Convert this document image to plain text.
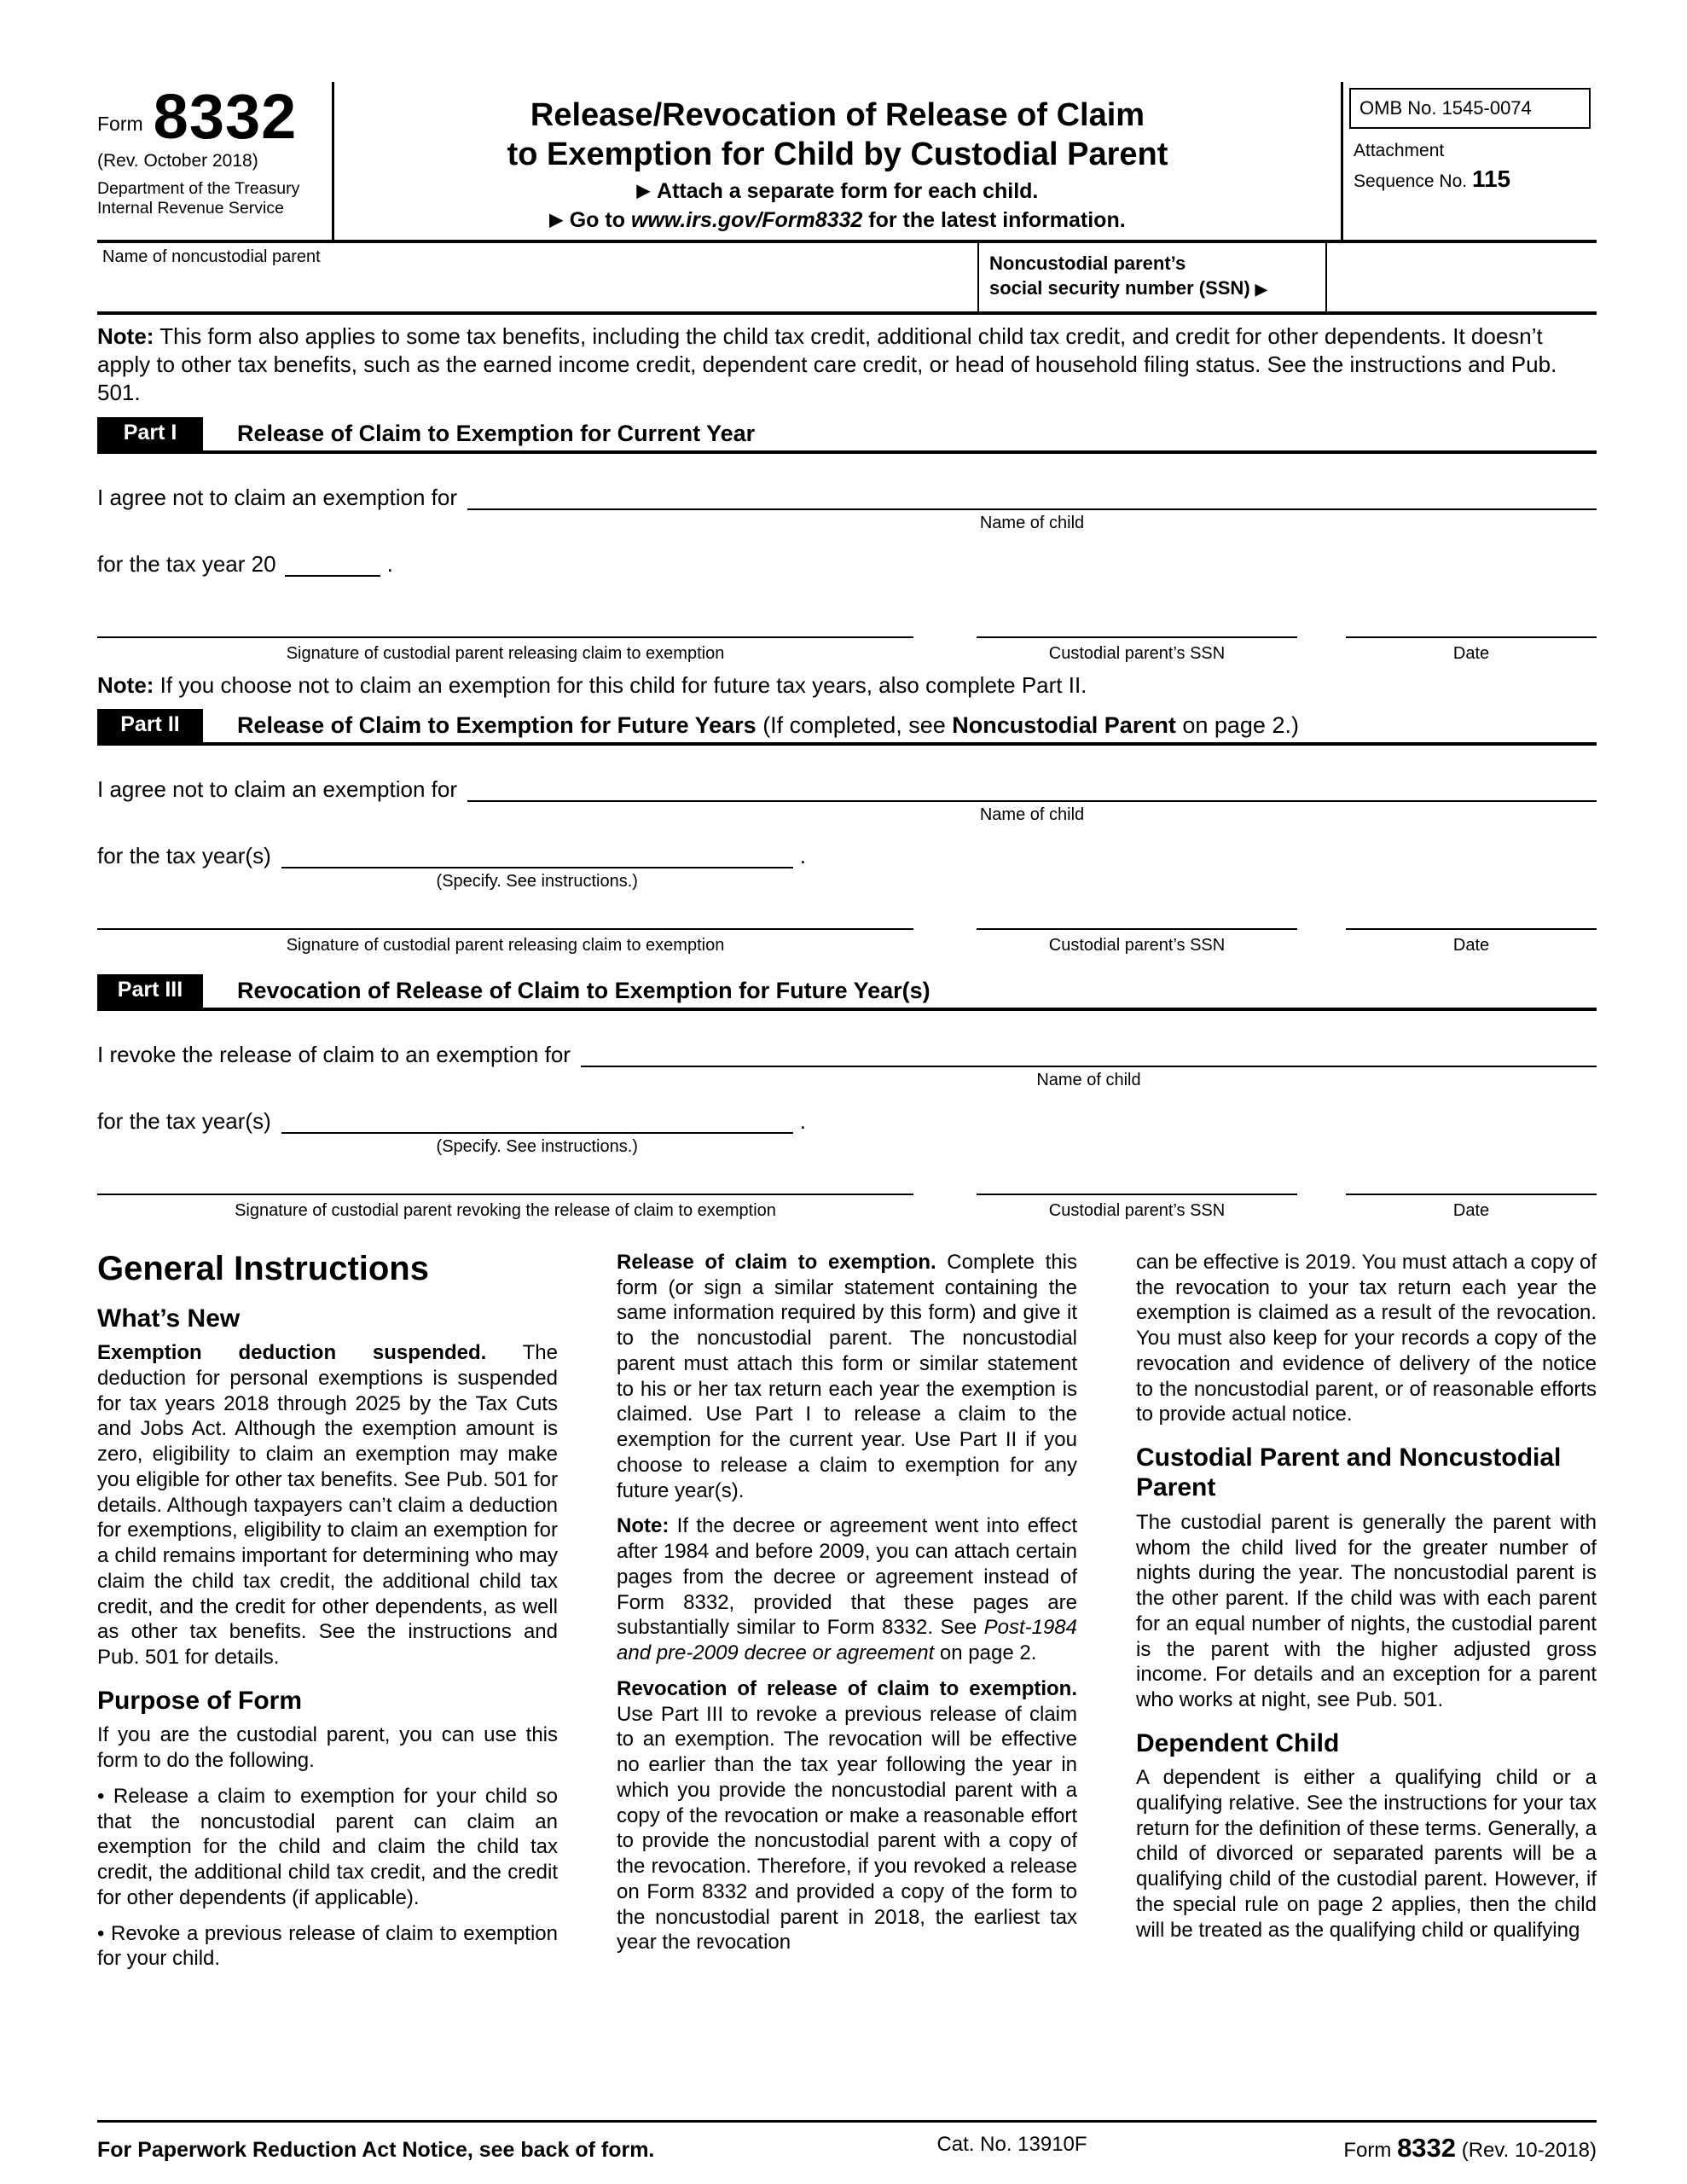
Form 8332
(Rev. October 2018)
Department of the Treasury
Internal Revenue Service
Release/Revocation of Release of Claim
to Exemption for Child by Custodial Parent
▶ Attach a separate form for each child.
▶ Go to www.irs.gov/Form8332 for the latest information.
OMB No. 1545-0074
Attachment
Sequence No. 115
Name of noncustodial parent	Noncustodial parent’s
social security number (SSN) ▶

Note: This form also applies to some tax benefits, including the child tax credit, additional child tax credit, and credit for other dependents. It doesn’t apply to other tax benefits, such as the earned income credit, dependent care credit, or head of household filing status. See the instructions and Pub. 501.

Part I	Release of Claim to Exemption for Current Year
I agree not to claim an exemption for
Name of child
for the tax year 20	.
Signature of custodial parent releasing claim to exemption	Custodial parent’s SSN	Date

Note: If you choose not to claim an exemption for this child for future tax years, also complete Part II.

Part II	Release of Claim to Exemption for Future Years (If completed, see Noncustodial Parent on page 2.)
I agree not to claim an exemption for
Name of child
for the tax year(s)
(Specify. See instructions.)
.
Signature of custodial parent releasing claim to exemption	Custodial parent’s SSN	Date
Part III	Revocation of Release of Claim to Exemption for Future Year(s)
I revoke the release of claim to an exemption for
Name of child
for the tax year(s)
(Specify. See instructions.)
.
Signature of custodial parent revoking the release of claim to exemption	Custodial parent’s SSN	Date
General Instructions
What’s New

Exemption deduction suspended. The deduction for personal exemptions is suspended for tax years 2018 through 2025 by the Tax Cuts and Jobs Act. Although the exemption amount is zero, eligibility to claim an exemption may make you eligible for other tax benefits. See Pub. 501 for details. Although taxpayers can’t claim a deduction for exemptions, eligibility to claim an exemption for a child remains important for determining who may claim the child tax credit, the additional child tax credit, and the credit for other dependents, as well as other tax benefits. See the instructions and Pub. 501 for details.

Purpose of Form

If you are the custodial parent, you can use this form to do the following.

• Release a claim to exemption for your child so that the noncustodial parent can claim an exemption for the child and claim the child tax credit, the additional child tax credit, and the credit for other dependents (if applicable).

• Revoke a previous release of claim to exemption for your child.

Release of claim to exemption. Complete this form (or sign a similar statement containing the same information required by this form) and give it to the noncustodial parent. The noncustodial parent must attach this form or similar statement to his or her tax return each year the exemption is claimed. Use Part I to release a claim to the exemption for the current year. Use Part II if you choose to release a claim to exemption for any future year(s).

Note: If the decree or agreement went into effect after 1984 and before 2009, you can attach certain pages from the decree or agreement instead of Form 8332, provided that these pages are substantially similar to Form 8332. See Post-1984 and pre-2009 decree or agreement on page 2.

Revocation of release of claim to exemption. Use Part III to revoke a previous release of claim to an exemption. The revocation will be effective no earlier than the tax year following the year in which you provide the noncustodial parent with a copy of the revocation or make a reasonable effort to provide the noncustodial parent with a copy of the revocation. Therefore, if you revoked a release on Form 8332 and provided a copy of the form to the noncustodial parent in 2018, the earliest tax year the revocation

can be effective is 2019. You must attach a copy of the revocation to your tax return each year the exemption is claimed as a result of the revocation. You must also keep for your records a copy of the revocation and evidence of delivery of the notice to the noncustodial parent, or of reasonable efforts to provide actual notice.

Custodial Parent and Noncustodial Parent

The custodial parent is generally the parent with whom the child lived for the greater number of nights during the year. The noncustodial parent is the other parent. If the child was with each parent for an equal number of nights, the custodial parent is the parent with the higher adjusted gross income. For details and an exception for a parent who works at night, see Pub. 501.

Dependent Child

A dependent is either a qualifying child or a qualifying relative. See the instructions for your tax return for the definition of these terms. Generally, a child of divorced or separated parents will be a qualifying child of the custodial parent. However, if the special rule on page 2 applies, then the child will be treated as the qualifying child or qualifying

For Paperwork Reduction Act Notice, see back of form.	Cat. No. 13910F	Form 8332 (Rev. 10-2018)
